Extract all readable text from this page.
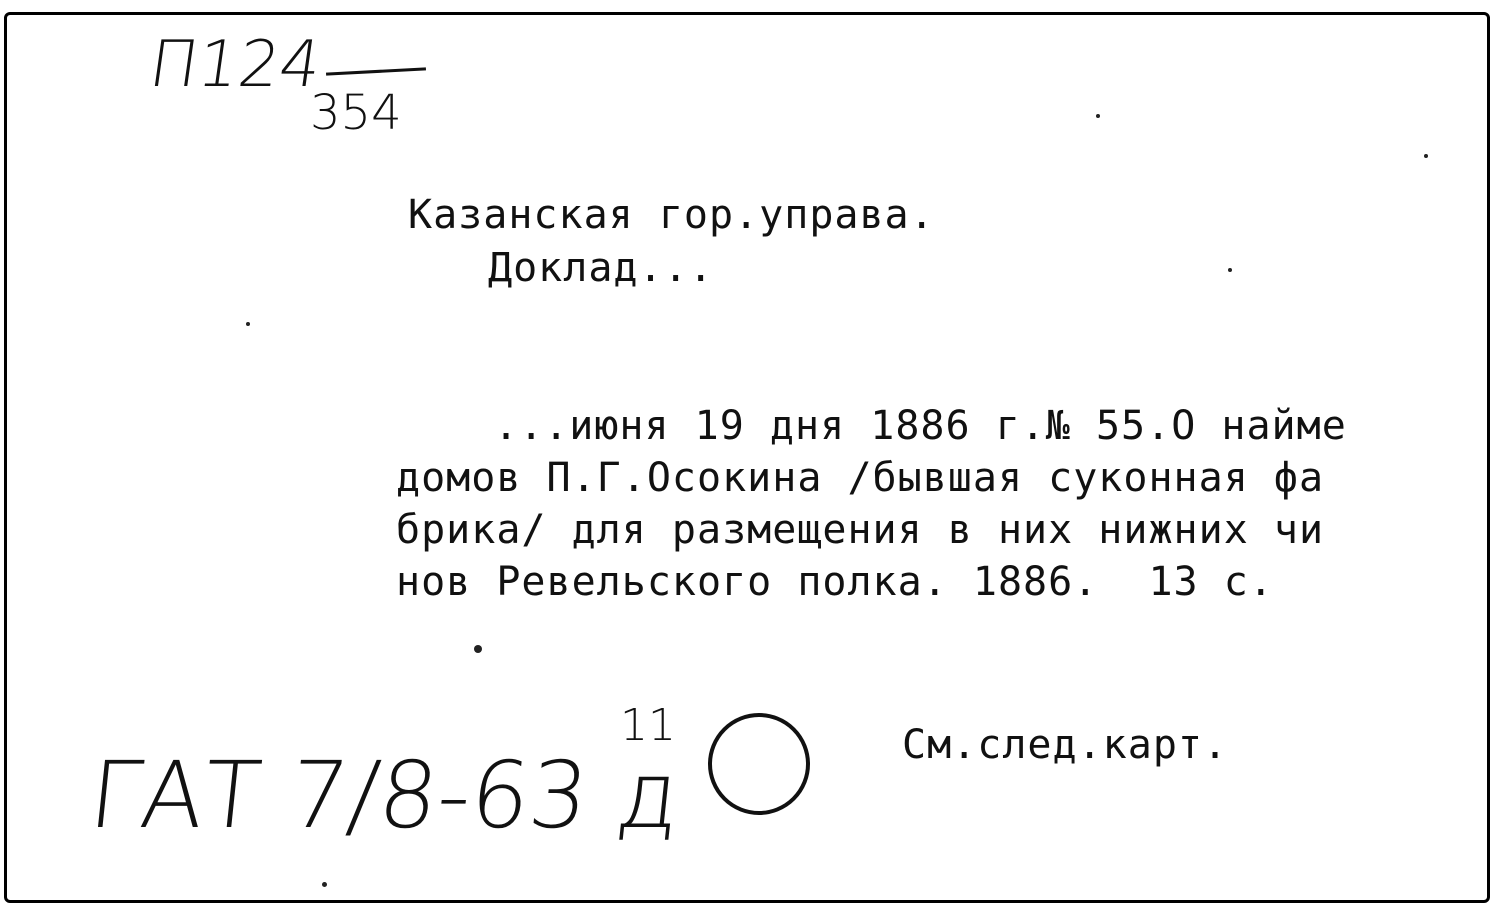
П124
354
Казанская гор.управа.
Доклад...
...июня 19 дня 1886 г.№ 55.О найме
домов П.Г.Осокина /бывшая суконная фа
брика/ для размещения в них нижних чи
нов Ревельского полка. 1886.  13 с.
ГАТ 7/8-63 д
11	См.след.карт.
